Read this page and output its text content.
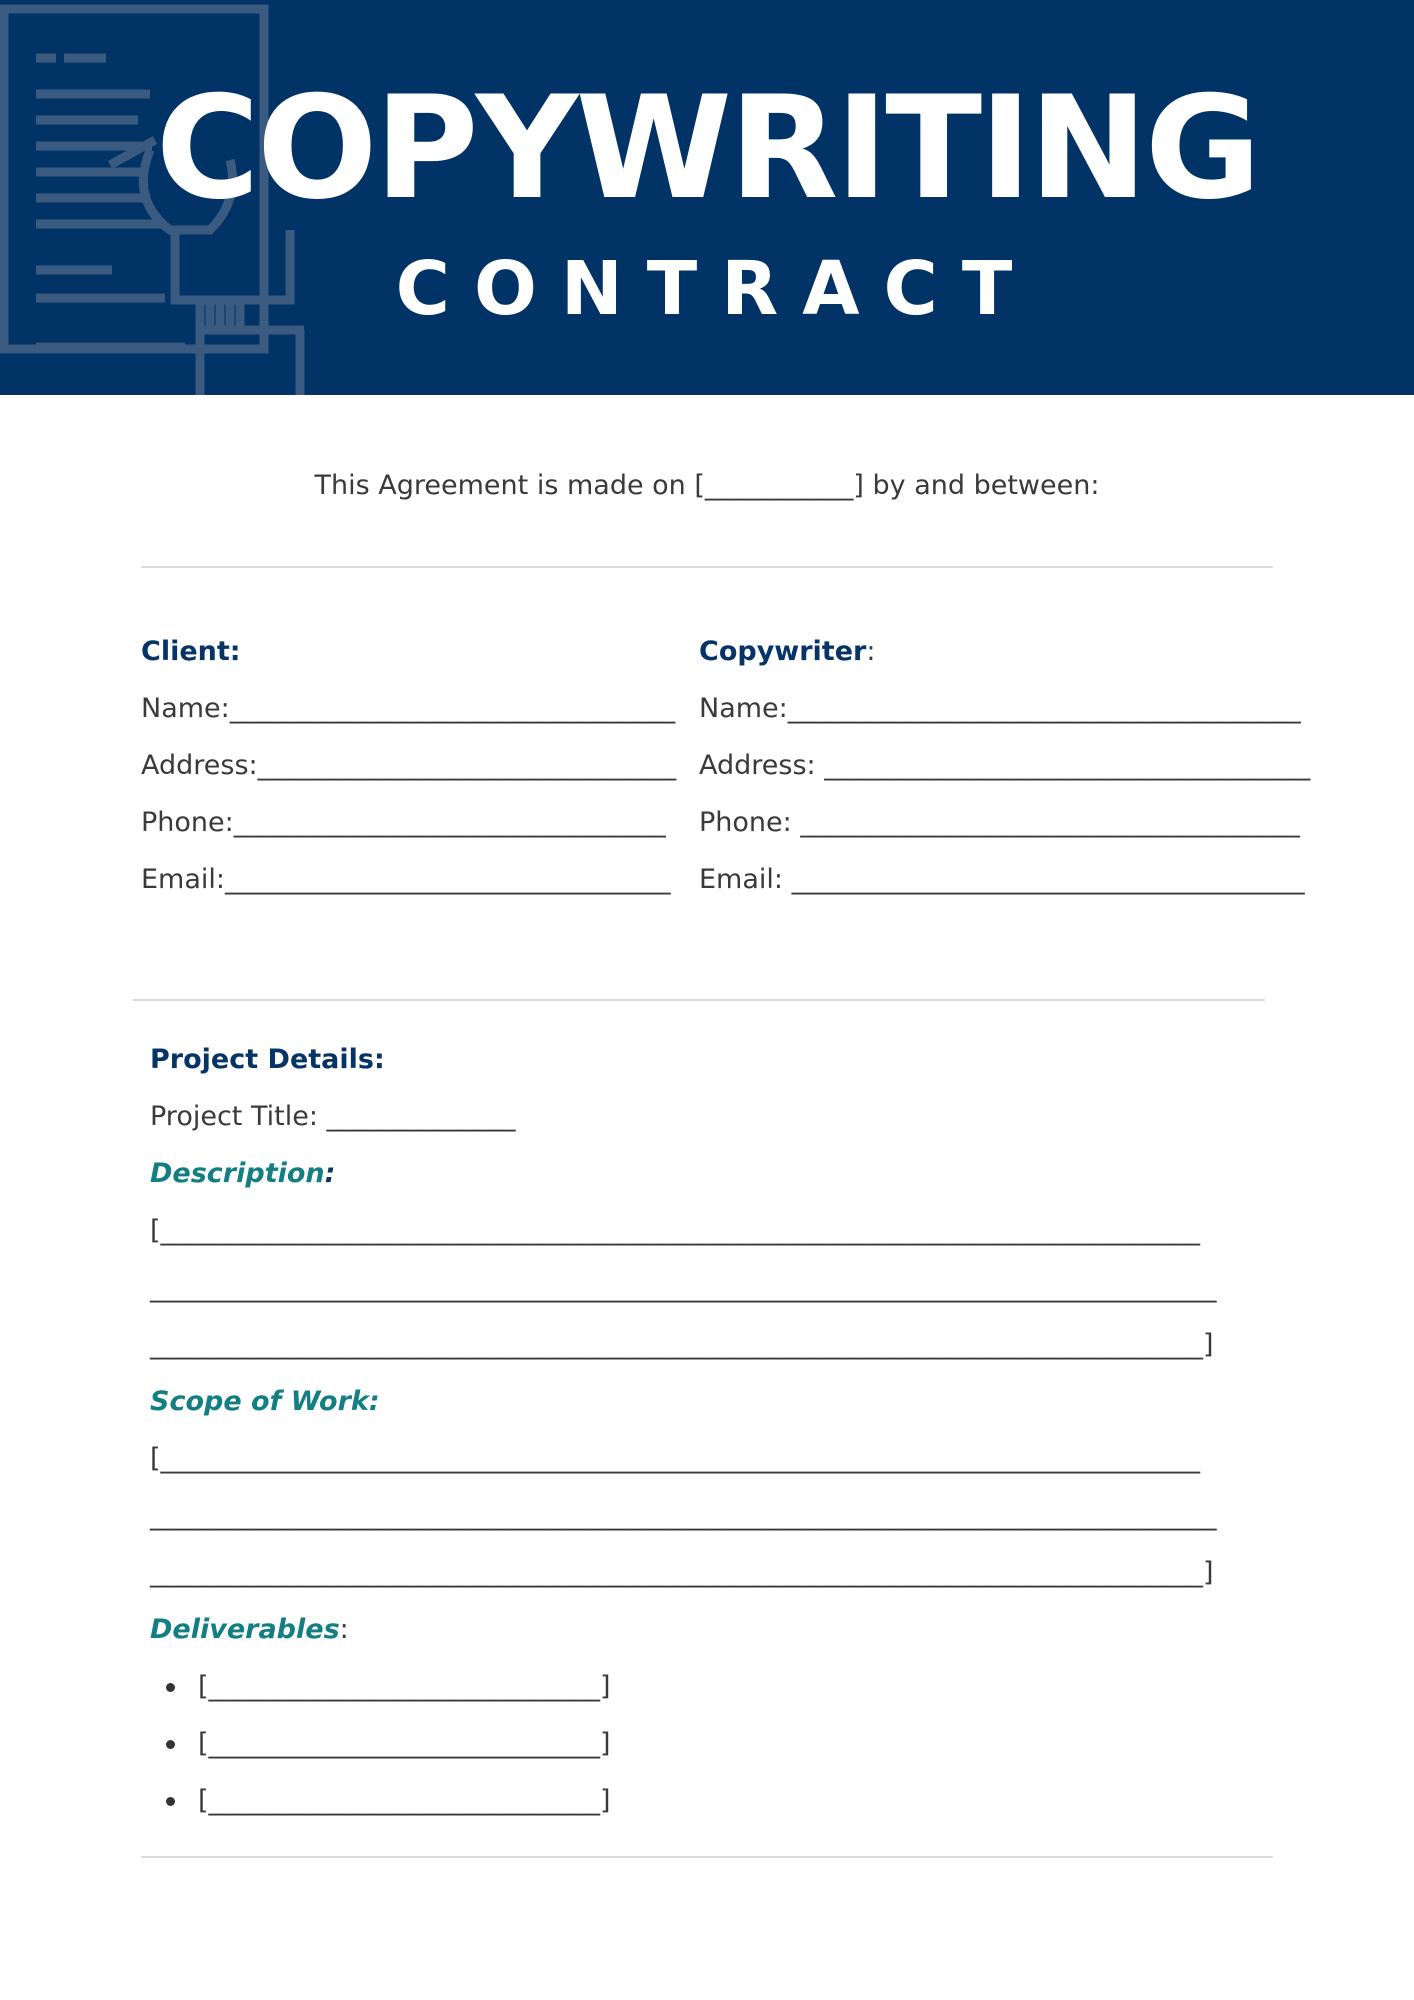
COPYWRITING
CONTRACT
This Agreement is made on [___________] by and between:
Client:
Name:_________________________________
Address:_______________________________
Phone:________________________________
Email:_________________________________
Copywriter:
Name:______________________________________
Address: ____________________________________
Phone: _____________________________________
Email: ______________________________________
Project Details:
Project Title: ______________
Description:
[_____________________________________________________________________________
_______________________________________________________________________________
______________________________________________________________________________]
Scope of Work:
[_____________________________________________________________________________
_______________________________________________________________________________
______________________________________________________________________________]
Deliverables:
[_____________________________]
[_____________________________]
[_____________________________]
